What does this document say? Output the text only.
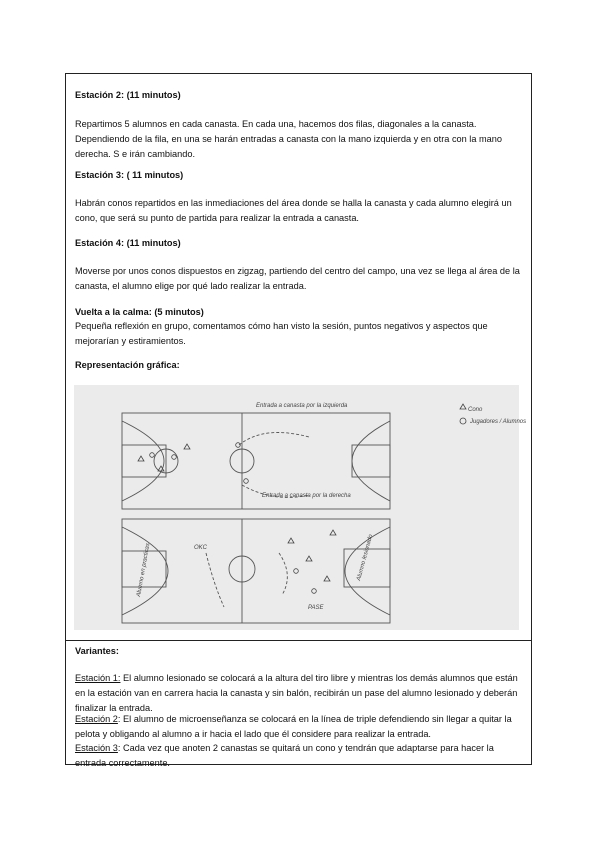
Estación 2: (11 minutos)
Repartimos 5 alumnos en cada canasta. En cada una, hacemos dos filas, diagonales a la canasta. Dependiendo de la fila, en una se harán entradas a canasta con la mano izquierda y en otra con la mano derecha. S e irán cambiando.
Estación 3: ( 11 minutos)
Habrán conos repartidos en las inmediaciones del área donde se halla la canasta y cada alumno elegirá un cono, que será su punto de partida para realizar la entrada a canasta.
Estación 4: (11 minutos)
Moverse por unos conos dispuestos en zigzag, partiendo del centro del campo, una vez se llega al área de la canasta, el alumno elige por qué lado realizar la entrada.
Vuelta a la calma: (5 minutos)
Pequeña reflexión en grupo, comentamos cómo han visto la sesión, puntos negativos y aspectos que mejorarían y estiramientos.
Representación gráfica:
Cono
Jugadores / Alumnos
Entrada a canasta por la izquierda
Entrada a canasta por la derecha
PASE
OKC
Alumno en practicas	Alumno lesionado
Variantes:
Estación 1: El alumno lesionado se colocará a la altura del tiro libre y mientras los demás alumnos que están en la estación van en carrera hacia la canasta y sin balón, recibirán un pase del alumno lesionado y deberán finalizar la entrada.
Estación 2: El alumno de microenseñanza se colocará en la línea de triple defendiendo sin llegar a quitar la pelota y obligando al alumno a ir hacia el lado que él considere para realizar la entrada.
Estación 3: Cada vez que anoten 2 canastas se quitará un cono y tendrán que adaptarse para hacer la entrada correctamente.
